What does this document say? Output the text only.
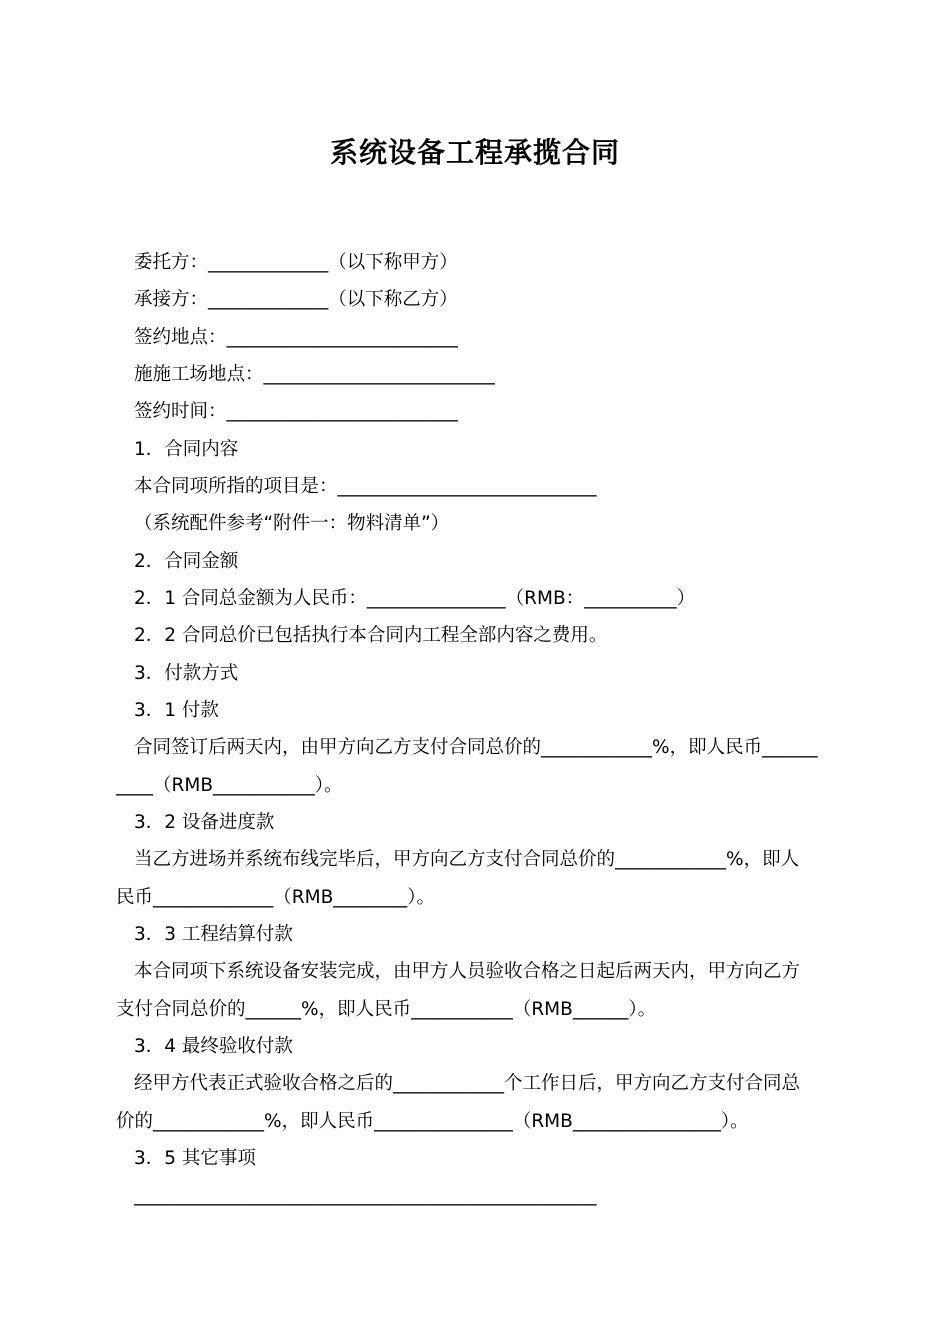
系统设备工程承揽合同
委托方：_____________（以下称甲方）
承接方：_____________（以下称乙方）
签约地点：_________________________
施施工场地点：_________________________
签约时间：_________________________
1．合同内容
本合同项所指的项目是：____________________________
（系统配件参考“附件一：物料清单”）
2．合同金额
2．1 合同总金额为人民币：_______________（RMB：__________）
2．2 合同总价已包括执行本合同内工程全部内容之费用。
3．付款方式
3．1 付款
合同签订后两天内，由甲方向乙方支付合同总价的____________%，即人民币______
____（RMB___________）。
3．2 设备进度款
当乙方进场并系统布线完毕后，甲方向乙方支付合同总价的____________%，即人
民币_____________（RMB________）。
3．3 工程结算付款
本合同项下系统设备安装完成，由甲方人员验收合格之日起后两天内，甲方向乙方
支付合同总价的______%，即人民币___________（RMB______）。
3．4 最终验收付款
经甲方代表正式验收合格之后的____________个工作日后，甲方向乙方支付合同总
价的____________%，即人民币_______________（RMB________________）。
3．5 其它事项
__________________________________________________
